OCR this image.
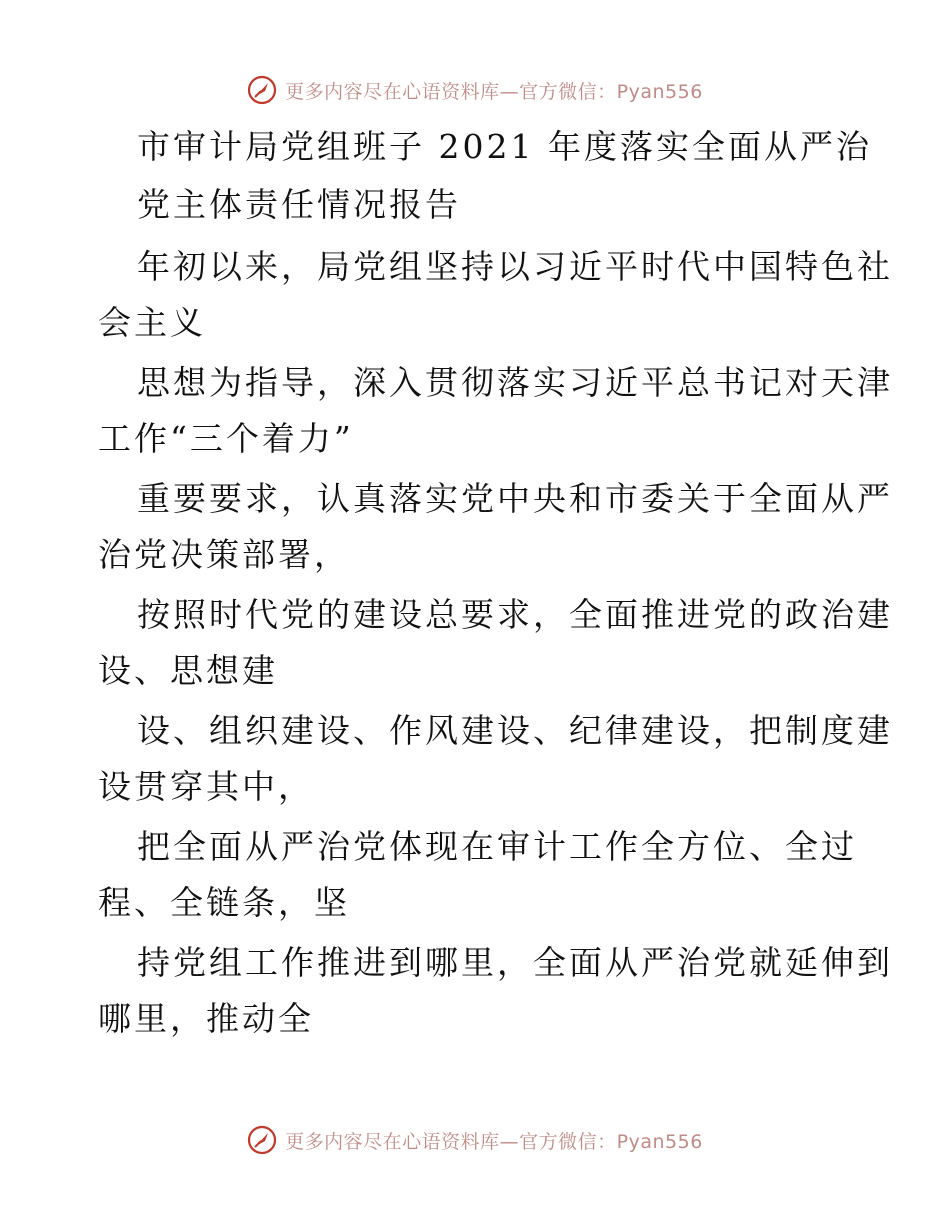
更多内容尽在心语资料库—官方微信：Pyan556
市审计局党组班子 2021 年度落实全面从严治
党主体责任情况报告
年初以来，局党组坚持以习近平时代中国特色社
会主义
思想为指导，深入贯彻落实习近平总书记对天津
工作“三个着力”
重要要求，认真落实党中央和市委关于全面从严
治党决策部署，
按照时代党的建设总要求，全面推进党的政治建
设、思想建
设、组织建设、作风建设、纪律建设，把制度建
设贯穿其中，
把全面从严治党体现在审计工作全方位、全过
程、全链条，坚
持党组工作推进到哪里，全面从严治党就延伸到
哪里，推动全
更多内容尽在心语资料库—官方微信：Pyan556
